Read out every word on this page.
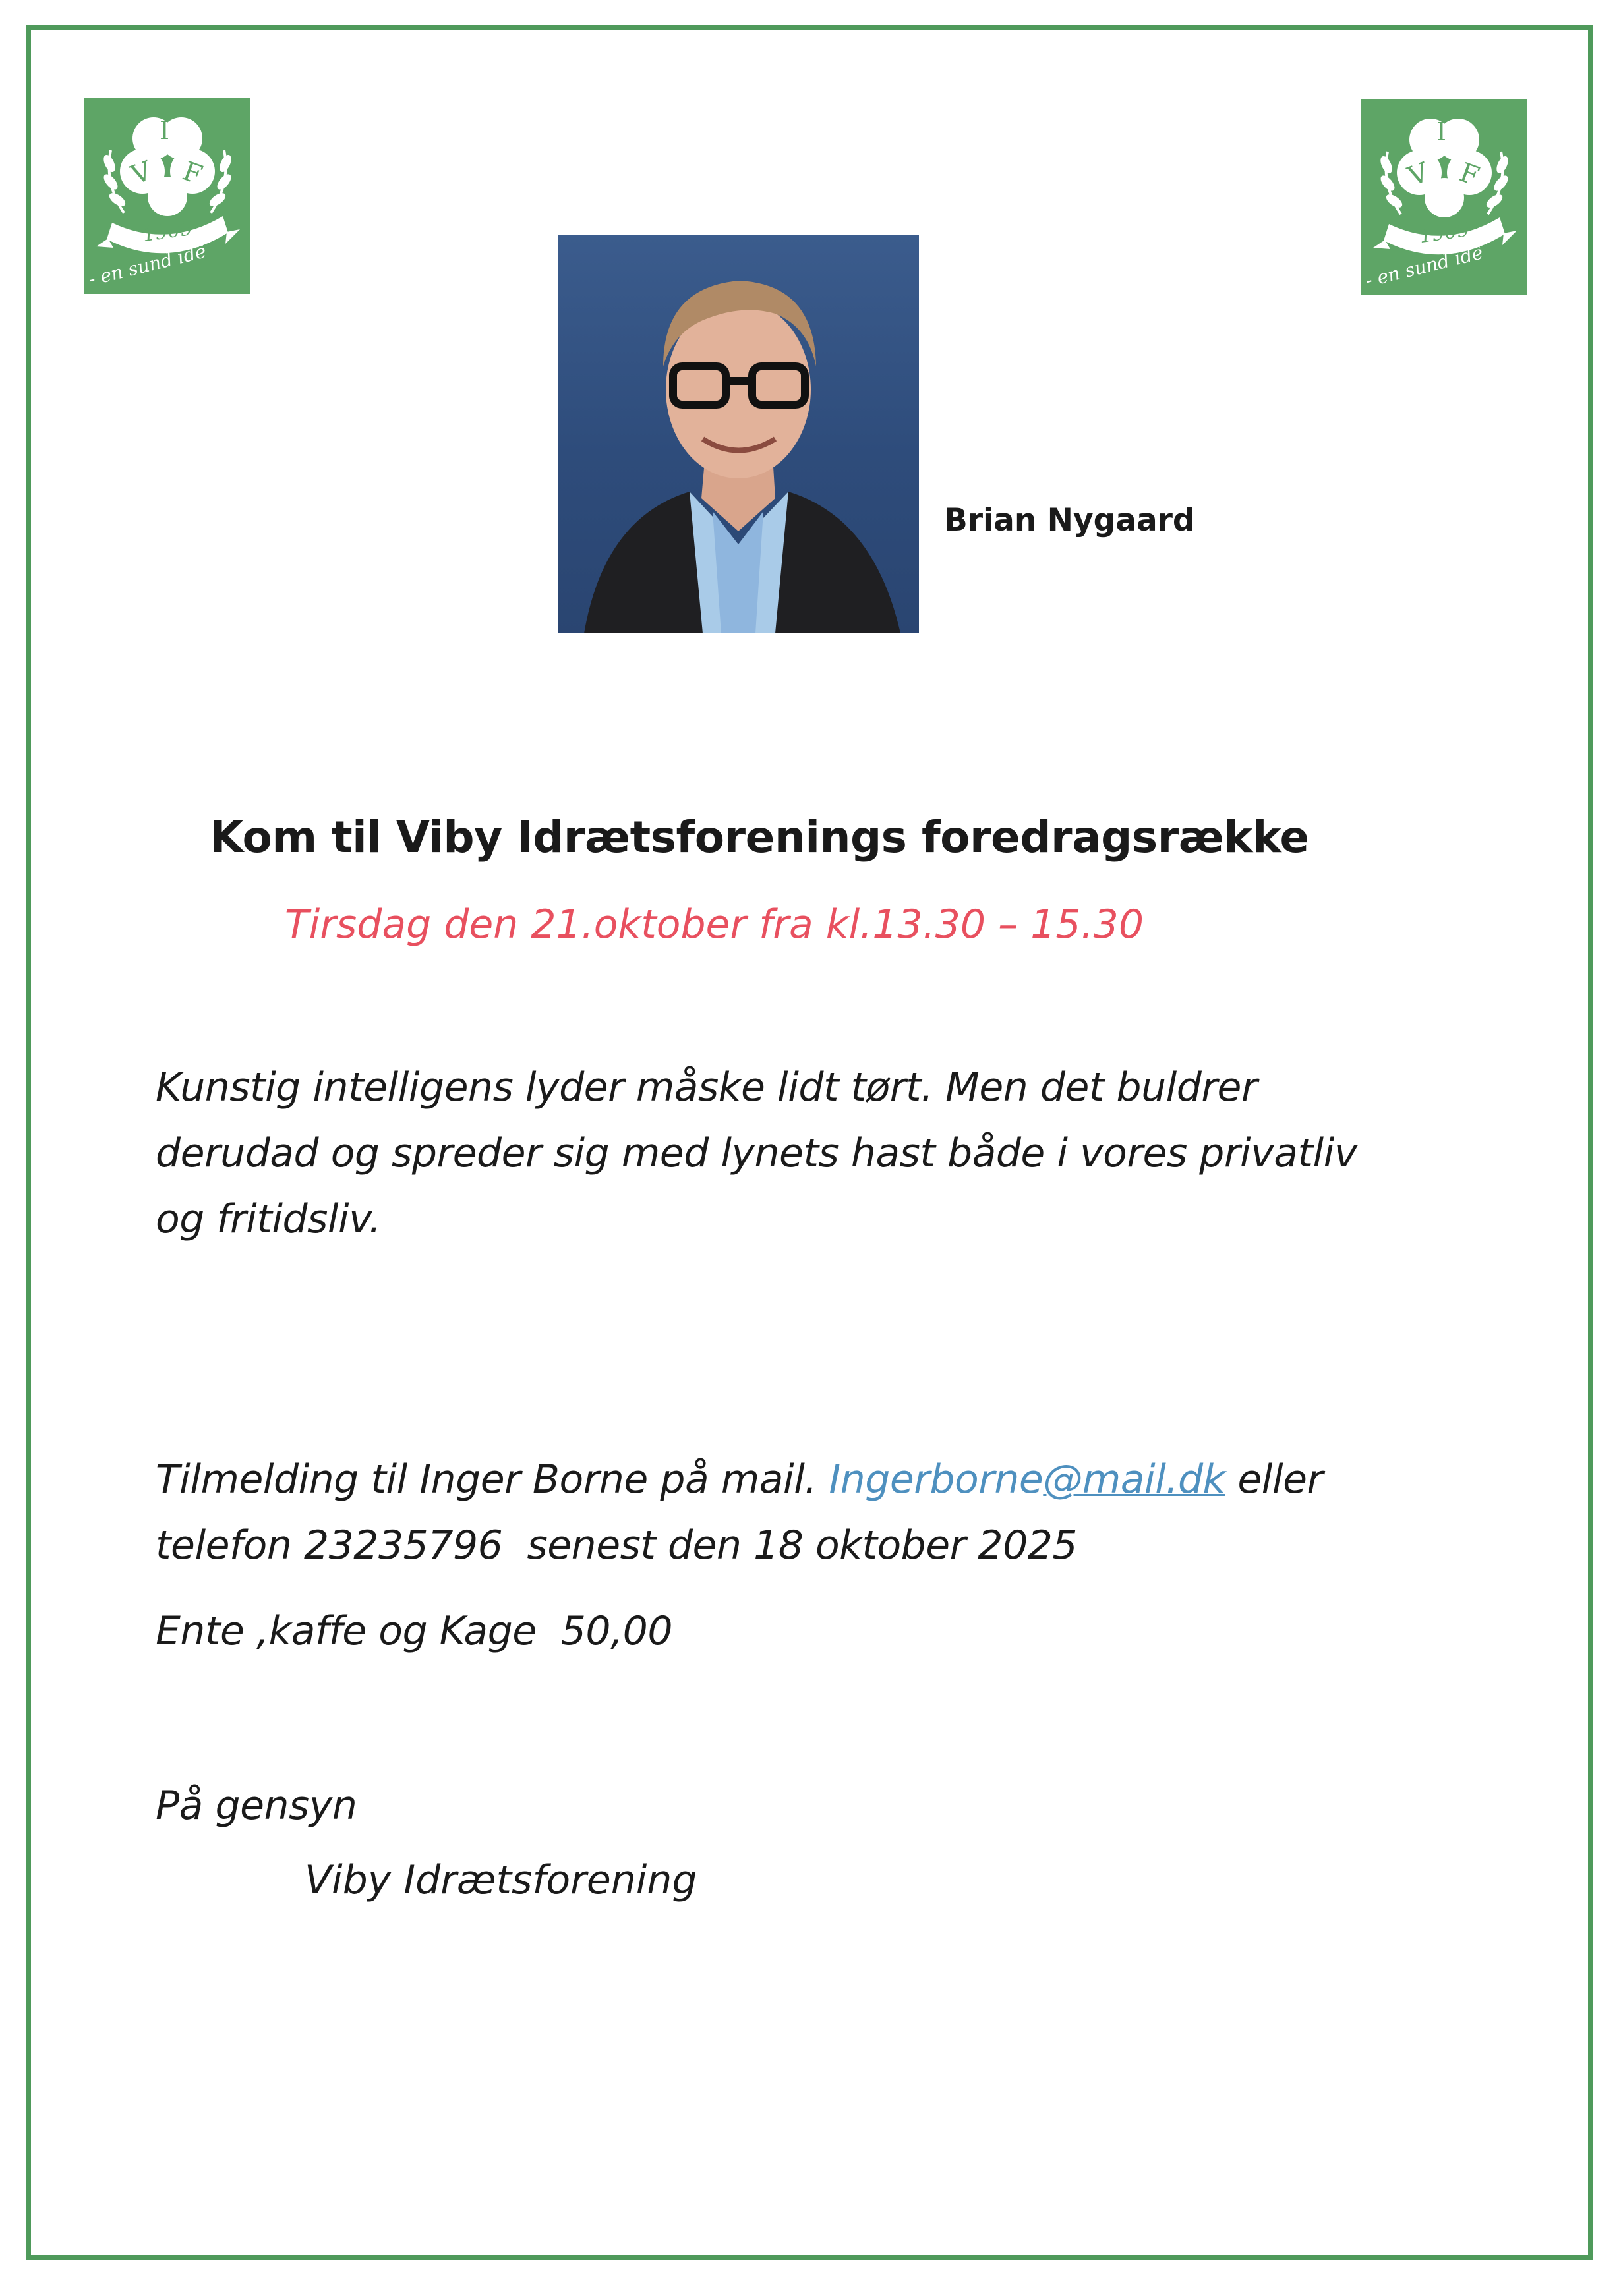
I
V F
1909
- en sund idê
I
V F
1909
- en sund idê
Brian Nygaard
Kom til Viby Idrætsforenings foredragsrække
Tirsdag den 21.oktober fra kl.13.30 – 15.30
Kunstig intelligens lyder måske lidt tørt. Men det buldrer
derudad og spreder sig med lynets hast både i vores privatliv
og fritidsliv.
Tilmelding til Inger Borne på mail. Ingerborne@mail.dk eller
telefon 23235796  senest den 18 oktober 2025
Ente ,kaffe og Kage  50,00
På gensyn
Viby Idrætsforening
